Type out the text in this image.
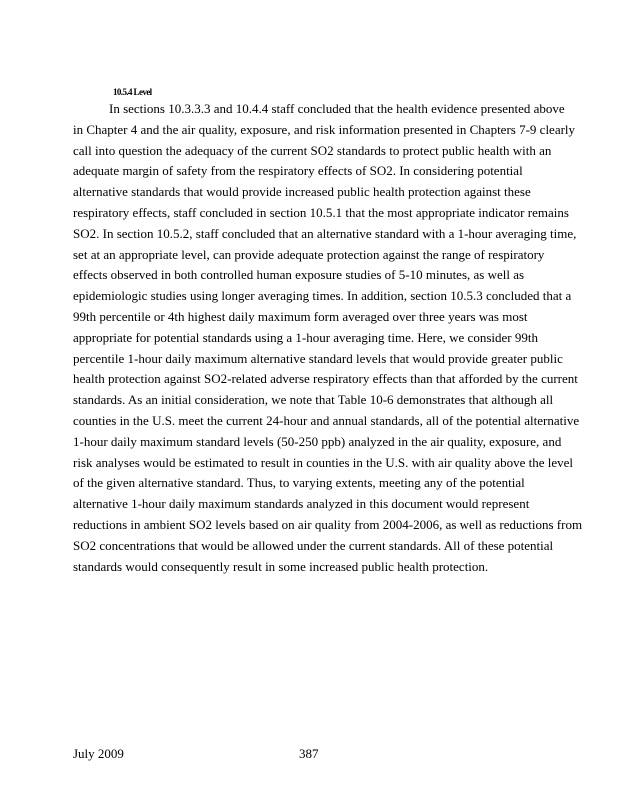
10.5.4 Level
In sections 10.3.3.3 and 10.4.4 staff concluded that the health evidence presented above
in Chapter 4 and the air quality, exposure, and risk information presented in Chapters 7-9 clearly
call into question the adequacy of the current SO2 standards to protect public health with an
adequate margin of safety from the respiratory effects of SO2. In considering potential
alternative standards that would provide increased public health protection against these
respiratory effects, staff concluded in section 10.5.1 that the most appropriate indicator remains
SO2. In section 10.5.2, staff concluded that an alternative standard with a 1-hour averaging time,
set at an appropriate level, can provide adequate protection against the range of respiratory
effects observed in both controlled human exposure studies of 5-10 minutes, as well as
epidemiologic studies using longer averaging times. In addition, section 10.5.3 concluded that a
99th percentile or 4th highest daily maximum form averaged over three years was most
appropriate for potential standards using a 1-hour averaging time. Here, we consider 99th
percentile 1-hour daily maximum alternative standard levels that would provide greater public
health protection against SO2-related adverse respiratory effects than that afforded by the current
standards. As an initial consideration, we note that Table 10-6 demonstrates that although all
counties in the U.S. meet the current 24-hour and annual standards, all of the potential alternative
1-hour daily maximum standard levels (50-250 ppb) analyzed in the air quality, exposure, and
risk analyses would be estimated to result in counties in the U.S. with air quality above the level
of the given alternative standard. Thus, to varying extents, meeting any of the potential
alternative 1-hour daily maximum standards analyzed in this document would represent
reductions in ambient SO2 levels based on air quality from 2004-2006, as well as reductions from
SO2 concentrations that would be allowed under the current standards. All of these potential
standards would consequently result in some increased public health protection.
July 2009	387
